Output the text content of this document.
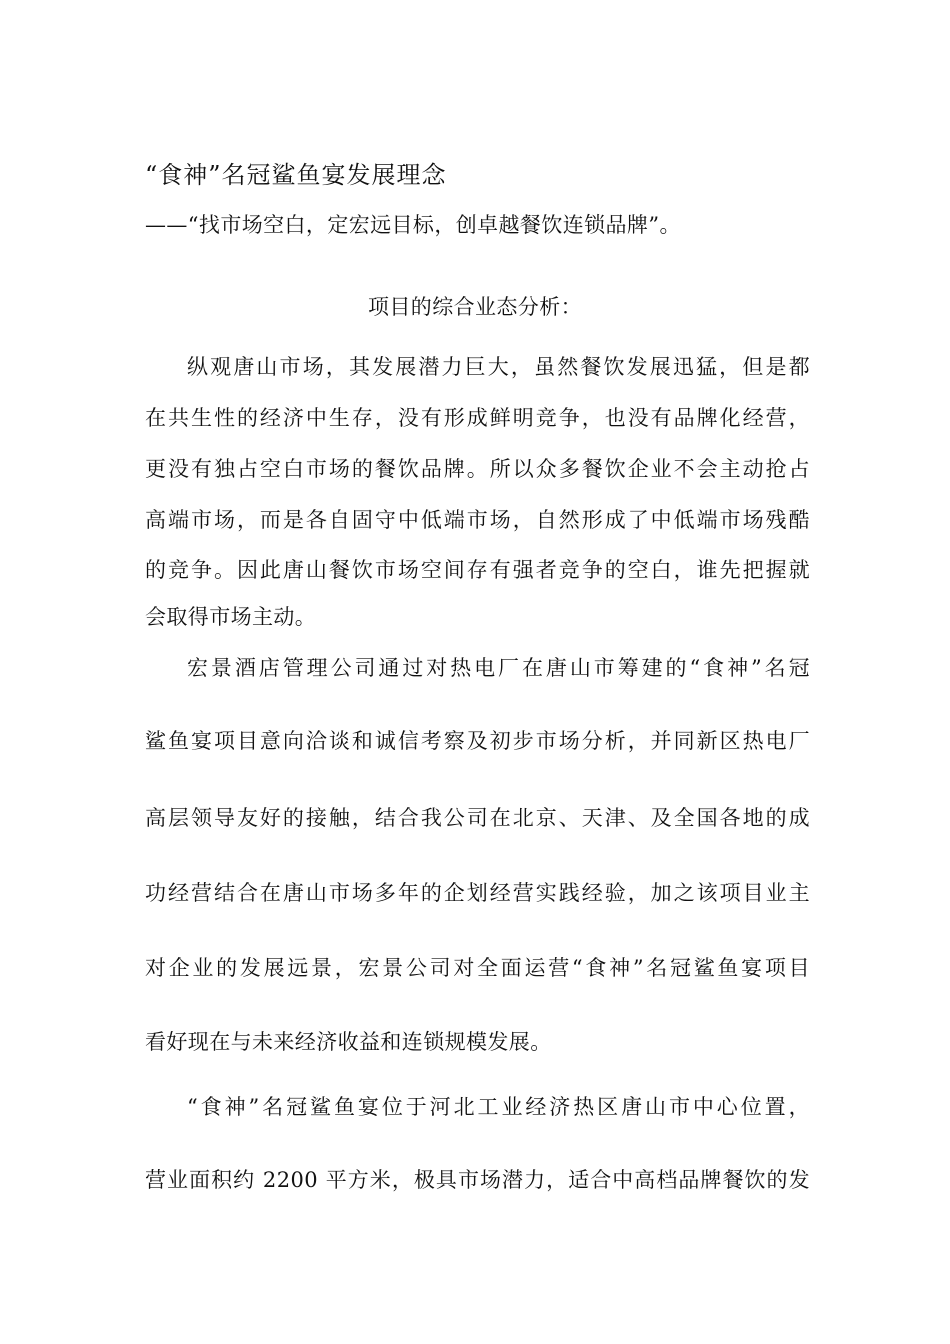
“食神”名冠鲨鱼宴发展理念
——“找市场空白，定宏远目标，创卓越餐饮连锁品牌”。
项目的综合业态分析：
纵观唐山市场，其发展潜力巨大，虽然餐饮发展迅猛，但是都
在共生性的经济中生存，没有形成鲜明竞争，也没有品牌化经营，
更没有独占空白市场的餐饮品牌。所以众多餐饮企业不会主动抢占
高端市场，而是各自固守中低端市场，自然形成了中低端市场残酷
的竞争。因此唐山餐饮市场空间存有强者竞争的空白，谁先把握就
会取得市场主动。
宏景酒店管理公司通过对热电厂在唐山市筹建的“食神”名冠
鲨鱼宴项目意向洽谈和诚信考察及初步市场分析，并同新区热电厂
高层领导友好的接触，结合我公司在北京、天津、及全国各地的成
功经营结合在唐山市场多年的企划经营实践经验，加之该项目业主
对企业的发展远景，宏景公司对全面运营“食神”名冠鲨鱼宴项目
看好现在与未来经济收益和连锁规模发展。
“食神”名冠鲨鱼宴位于河北工业经济热区唐山市中心位置，
营业面积约 2200 平方米，极具市场潜力，适合中高档品牌餐饮的发
